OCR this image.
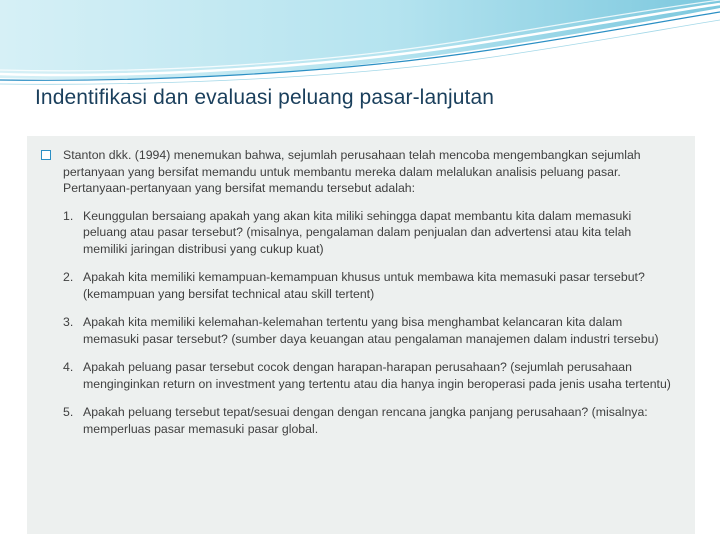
Indentifikasi dan evaluasi peluang pasar-lanjutan
Stanton dkk. (1994) menemukan bahwa, sejumlah perusahaan telah mencoba mengembangkan sejumlah pertanyaan yang bersifat memandu untuk membantu mereka dalam melalukan analisis peluang pasar. Pertanyaan-pertanyaan yang bersifat memandu tersebut adalah:
1. Keunggulan bersaiang apakah yang akan kita miliki sehingga dapat membantu kita dalam memasuki peluang atau pasar tersebut? (misalnya, pengalaman dalam penjualan dan advertensi atau kita telah memiliki jaringan distribusi yang cukup kuat)
2. Apakah kita memiliki kemampuan-kemampuan khusus untuk membawa kita memasuki pasar tersebut? (kemampuan yang bersifat technical atau skill tertent)
3. Apakah kita memiliki kelemahan-kelemahan tertentu yang bisa menghambat kelancaran kita dalam memasuki pasar tersebut? (sumber daya keuangan atau pengalaman manajemen dalam industri tersebu)
4. Apakah peluang pasar tersebut cocok dengan harapan-harapan perusahaan? (sejumlah perusahaan menginginkan return on investment yang tertentu atau dia hanya ingin beroperasi pada jenis usaha tertentu)
5. Apakah peluang tersebut tepat/sesuai dengan dengan rencana jangka panjang perusahaan? (misalnya: memperluas pasar memasuki pasar global.
